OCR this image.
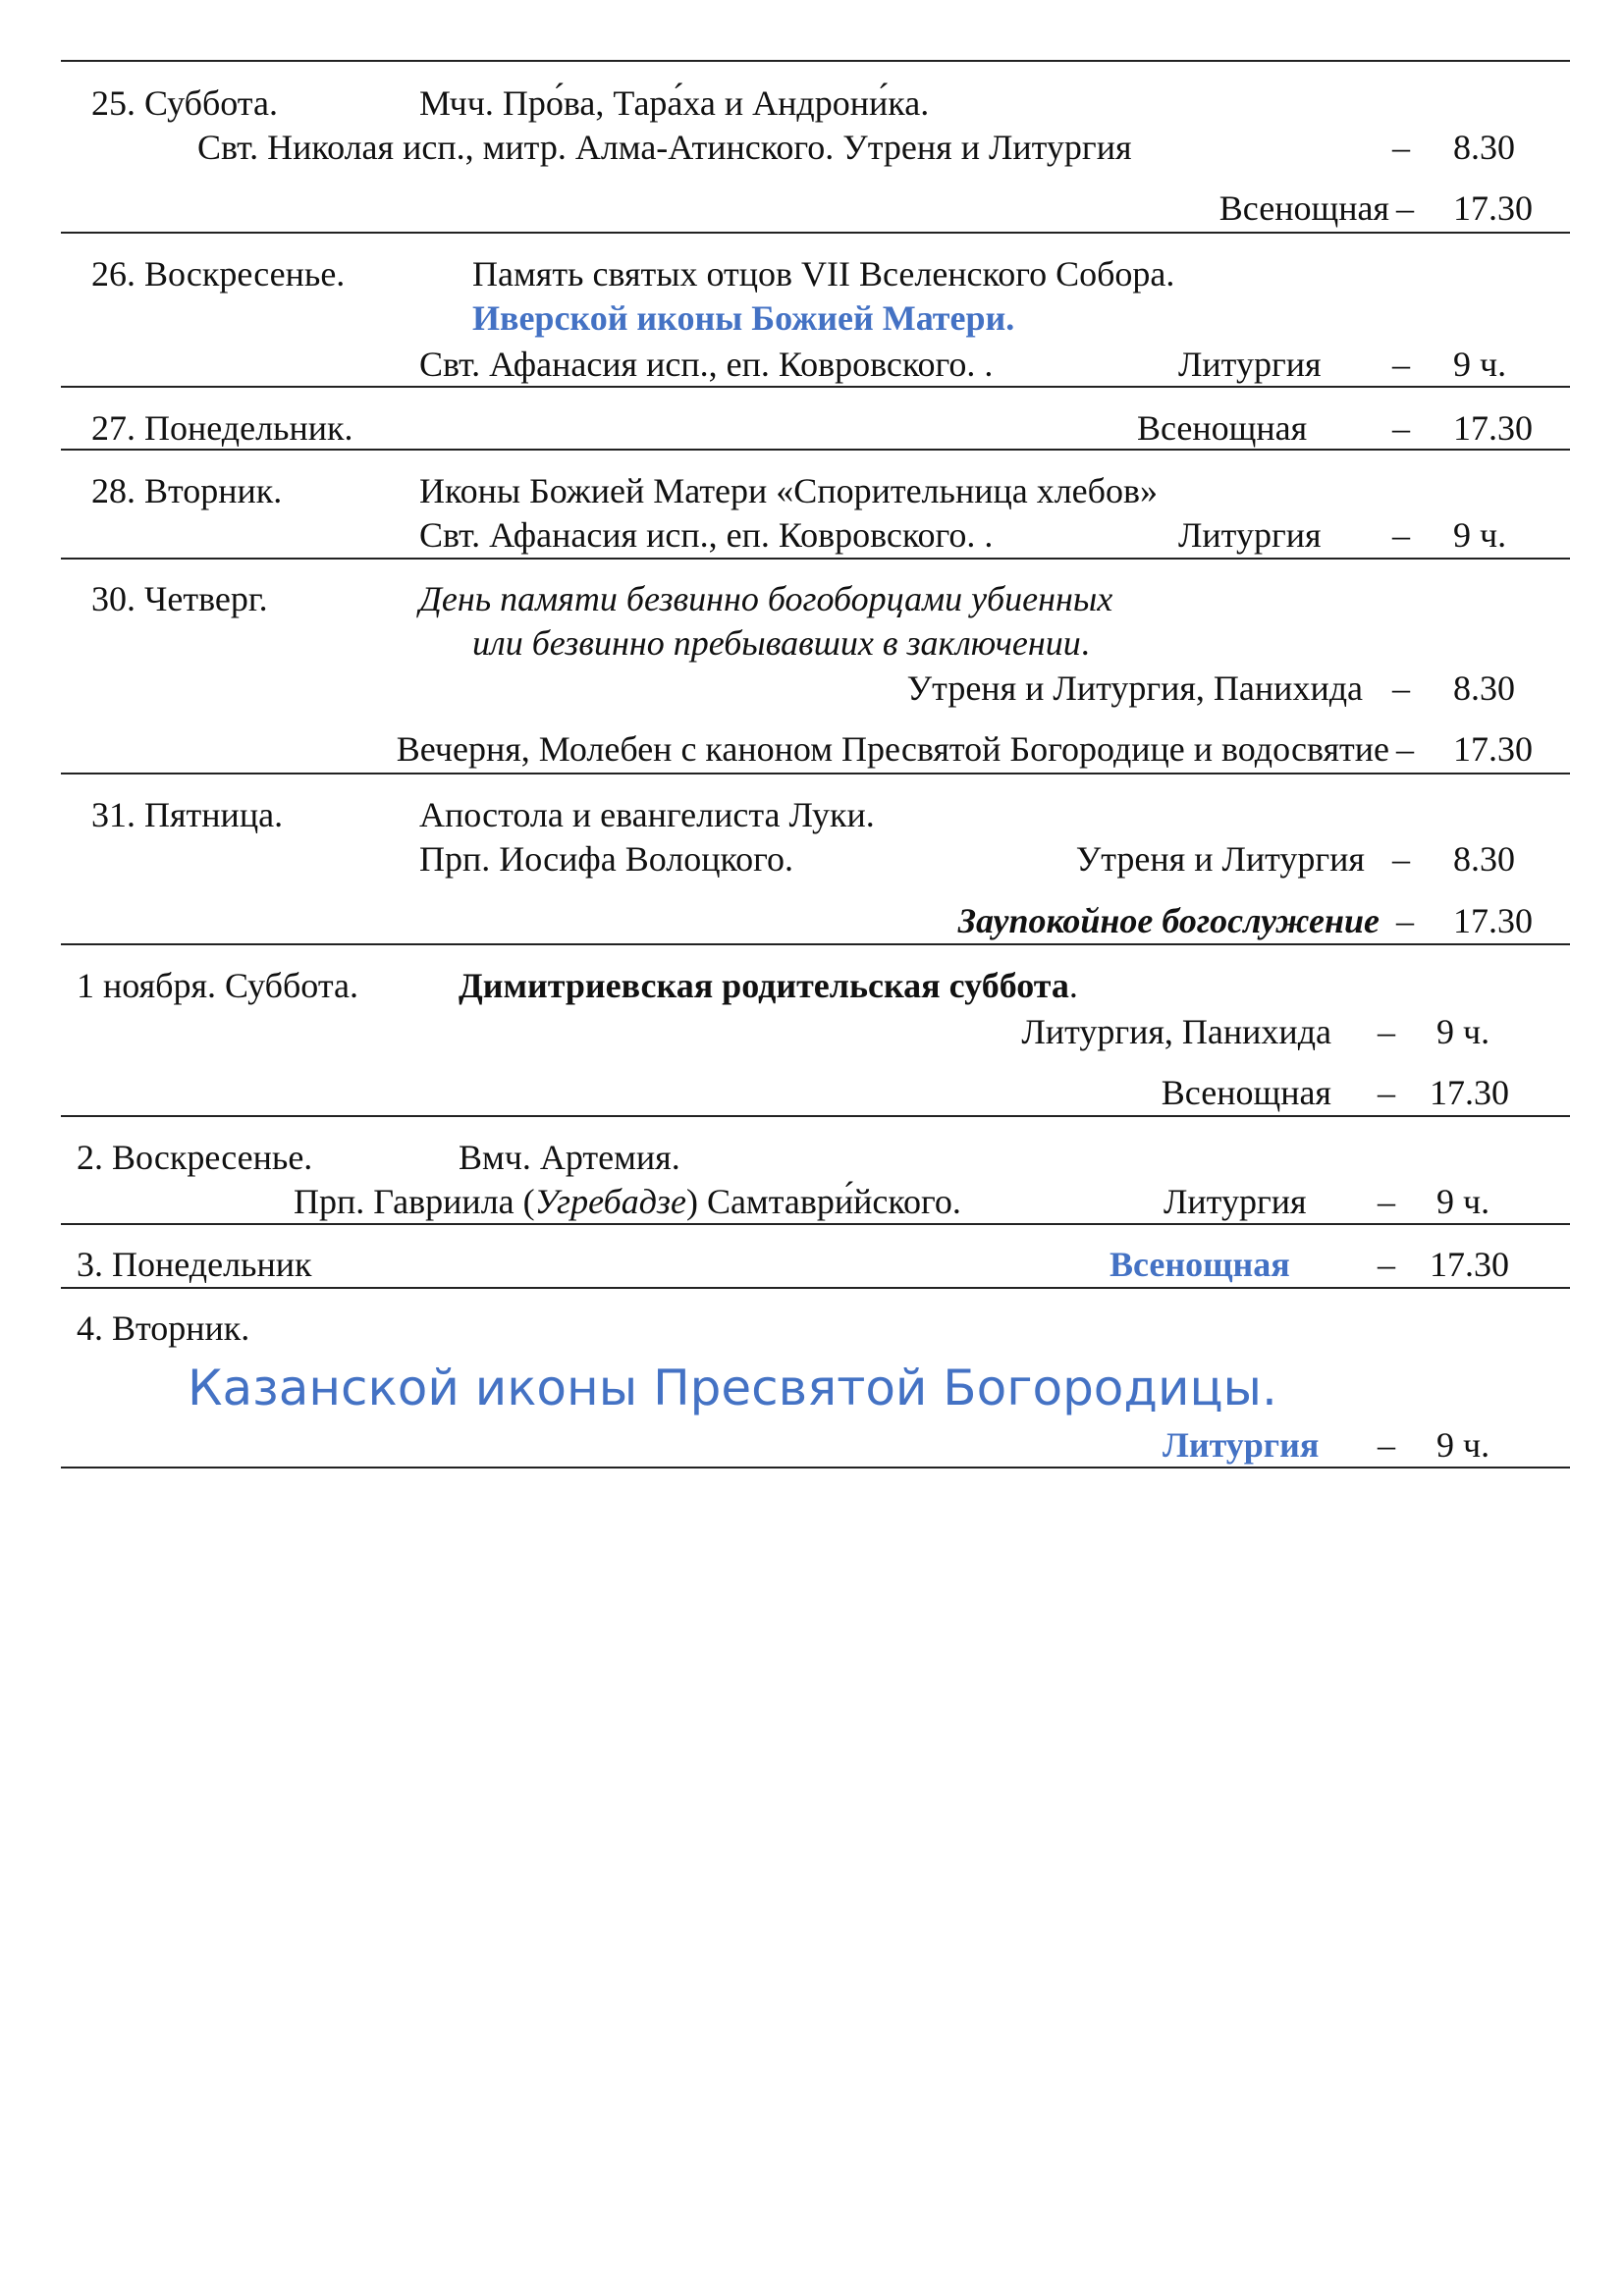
25. Суббота.	Мчч. Про́ва, Тара́ха и Андрони́ка.
Свт. Николая исп., митр. Алма-Атинского. Утреня и Литургия	– 8.30
Всенощная – 17.30
26. Воскресенье.	Память святых отцов VII Вселенского Собора.
Иверской иконы Божией Матери.
Свт. Афанасия исп., еп. Ковровского. .	Литургия – 9 ч.
27. Понедельник.	Всенощная – 17.30
28. Вторник.	Иконы Божией Матери «Спорительница хлебов»
Свт. Афанасия исп., еп. Ковровского. .	Литургия – 9 ч.
30. Четверг.	День памяти безвинно богоборцами убиенных
или безвинно пребывавших в заключении.
Утреня и Литургия, Панихида – 8.30
Вечерня, Молебен с каноном Пресвятой Богородице и водосвятие – 17.30
31. Пятница.	Апостола и евангелиста Луки.
Прп. Иосифа Волоцкого.	Утреня и Литургия – 8.30
Заупокойное богослужение – 17.30
1 ноября. Суббота.	Димитриевская родительская суббота.
Литургия, Панихида – 9 ч.
Всенощная – 17.30
2. Воскресенье.	Вмч. Артемия.
Прп. Гавриила (Угребадзе) Самтаври́йского.	Литургия – 9 ч.
3. Понедельник	Всенощная – 17.30
4. Вторник.
Казанской иконы Пресвятой Богородицы.
Литургия – 9 ч.
